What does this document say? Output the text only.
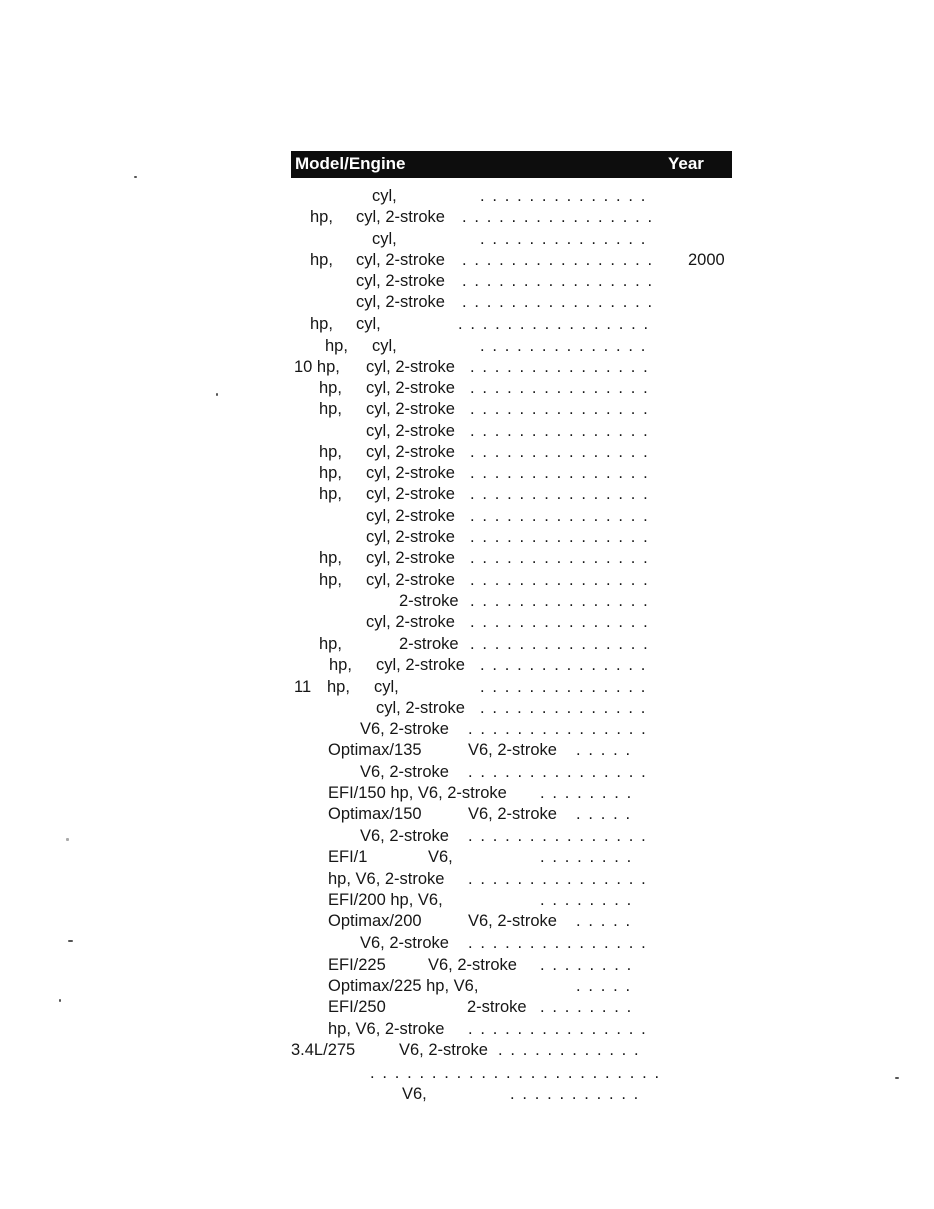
Model/Engine	Year
cyl,	. . . . . . . . . . . . . .
hp, cyl, 2-stroke . . . . . . . . . . . . . . . .
cyl,	. . . . . . . . . . . . . .
hp, cyl, 2-stroke . . . . . . . . . . . . . . . . 2000
cyl, 2-stroke . . . . . . . . . . . . . . . .
cyl, 2-stroke . . . . . . . . . . . . . . . .
hp, cyl,	. . . . . . . . . . . . . . . .
hp, cyl,	. . . . . . . . . . . . . .
10 hp, cyl, 2-stroke . . . . . . . . . . . . . . .
hp, cyl, 2-stroke . . . . . . . . . . . . . . .
hp, cyl, 2-stroke . . . . . . . . . . . . . . .
cyl, 2-stroke . . . . . . . . . . . . . . .
hp, cyl, 2-stroke . . . . . . . . . . . . . . .
hp, cyl, 2-stroke . . . . . . . . . . . . . . .
hp, cyl, 2-stroke . . . . . . . . . . . . . . .
cyl, 2-stroke . . . . . . . . . . . . . . .
cyl, 2-stroke . . . . . . . . . . . . . . .
hp, cyl, 2-stroke . . . . . . . . . . . . . . .
hp, cyl, 2-stroke . . . . . . . . . . . . . . .
2-stroke . . . . . . . . . . . . . . .
cyl, 2-stroke . . . . . . . . . . . . . . .
hp,	2-stroke . . . . . . . . . . . . . . .
hp, cyl, 2-stroke . . . . . . . . . . . . . .
11 hp, cyl,	. . . . . . . . . . . . . .
cyl, 2-stroke . . . . . . . . . . . . . .
V6, 2-stroke . . . . . . . . . . . . . . .
Optimax/135	V6, 2-stroke . . . . .
V6, 2-stroke . . . . . . . . . . . . . . .
EFI/150 hp, V6, 2-stroke . . . . . . . .
Optimax/150	V6, 2-stroke . . . . .
V6, 2-stroke . . . . . . . . . . . . . . .
EFI/1	V6,	. . . . . . . .
hp, V6, 2-stroke . . . . . . . . . . . . . . .
EFI/200 hp, V6,	. . . . . . . .
Optimax/200	V6, 2-stroke . . . . .
V6, 2-stroke . . . . . . . . . . . . . . .
EFI/225	V6, 2-stroke . . . . . . . .
Optimax/225 hp, V6,	. . . . .
EFI/250	2-stroke . . . . . . . .
hp, V6, 2-stroke . . . . . . . . . . . . . . .
3.4L/275	V6, 2-stroke . . . . . . . . . . . .
. . . . . . . . . . . . . . . . . . . . . . . .
V6,	. . . . . . . . . . .
